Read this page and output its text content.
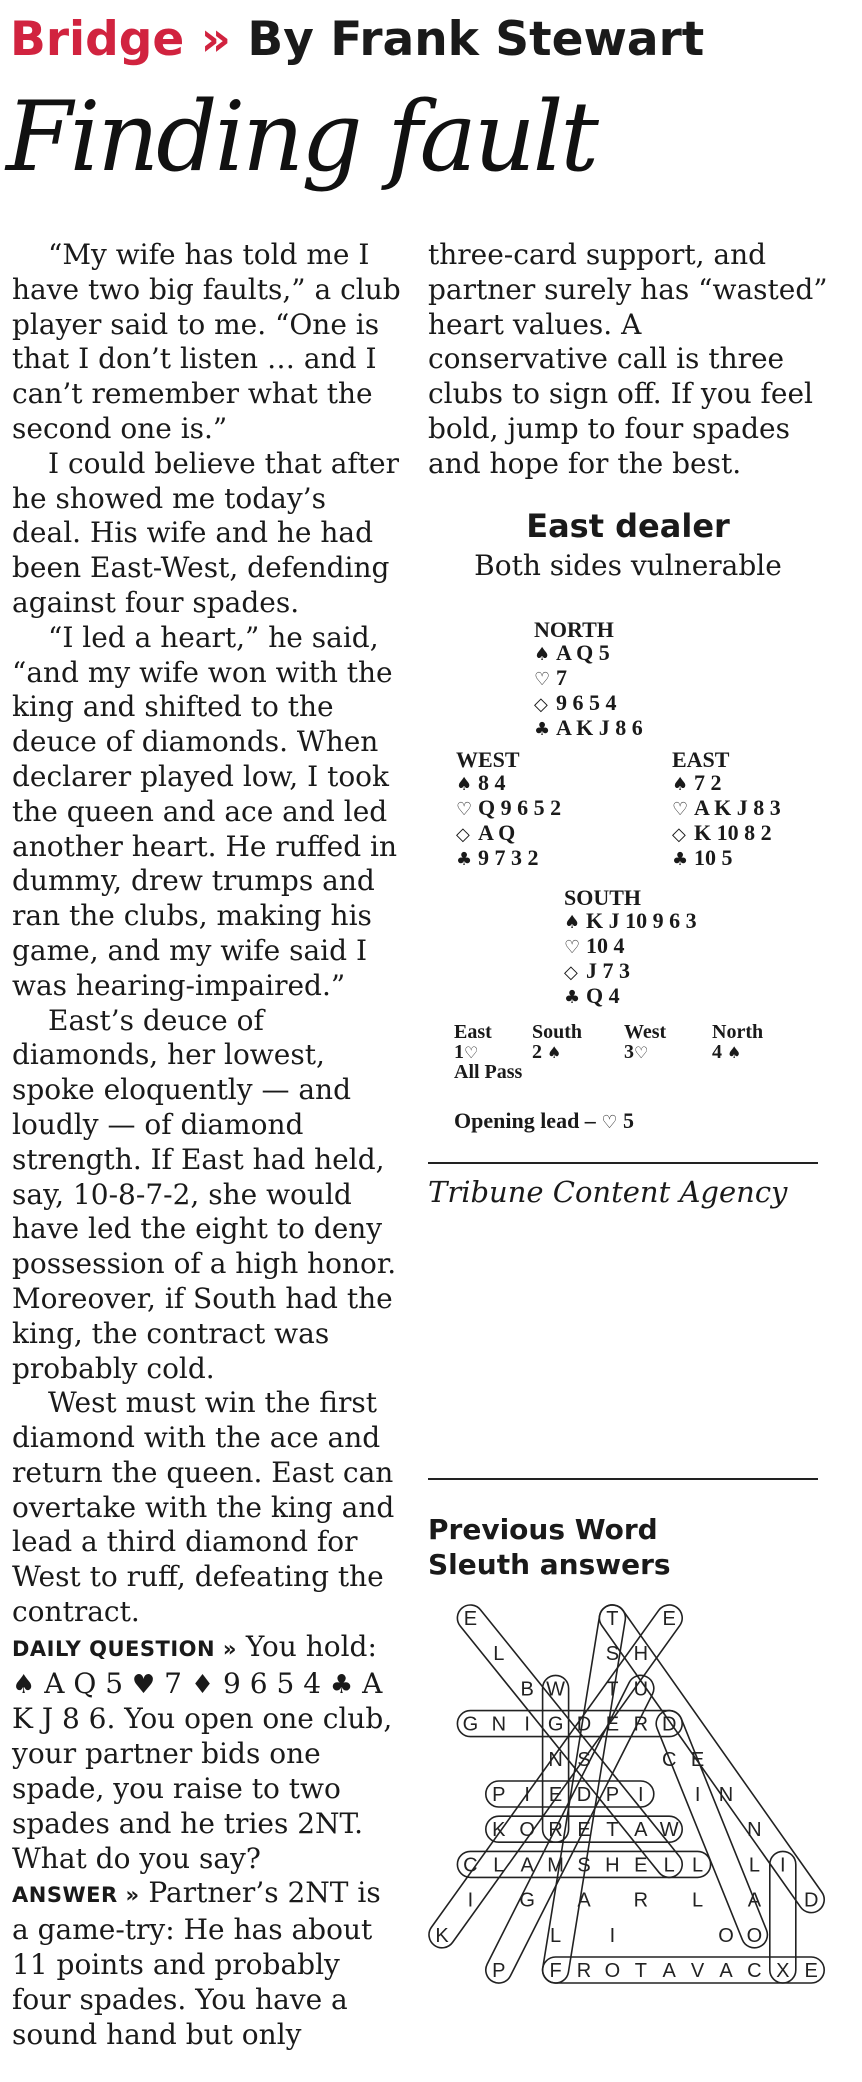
Bridge » By Frank Stewart
Finding fault

“My wife has told me I have two big faults,” a club player said to me. “One is that I don’t listen … and I can’t remember what the second one is.”

I could believe that after he showed me today’s deal. His wife and he had been East-West, defending against four spades.

“I led a heart,” he said, “and my wife won with the king and shifted to the deuce of diamonds. When declarer played low, I took the queen and ace and led another heart. He ruffed in dummy, drew trumps and ran the clubs, making his game, and my wife said I was hearing-impaired.”

East’s deuce of diamonds, her lowest, spoke eloquently — and loudly — of diamond strength. If East had held, say, 10-8-7-2, she would have led the eight to deny possession of a high honor. Moreover, if South had the king, the contract was probably cold.

West must win the first diamond with the ace and return the queen. East can overtake with the king and lead a third diamond for West to ruff, defeating the contract.

DAILY QUESTION » You hold: ♠ A Q 5 ♥ 7 ♦ 9 6 5 4 ♣ A K J 8 6. You open one club, your partner bids one spade, you raise to two spades and he tries 2NT. What do you say?

ANSWER » Partner’s 2NT is a game-try: He has about 11 points and probably four spades. You have a sound hand but only

three-card support, and partner surely has “wasted” heart values. A conservative call is three clubs to sign off. If you feel bold, jump to four spades and hope for the best.

East dealer
Both sides vulnerable
NORTH
♠ A Q 5
♡ 7
◇ 9 6 5 4
♣ A K J 8 6
WEST
♠ 8 4
♡ Q 9 6 5 2
◇ A Q
♣ 9 7 3 2
EAST
♠ 7 2
♡ A K J 8 3
◇ K 10 8 2
♣ 10 5
SOUTH
♠ K J 10 9 6 3
♡ 10 4
◇ J 7 3
♣ Q 4
East South West North
1♡	2 ♠	3♡	4 ♠
All Pass
Opening lead – ♡ 5
Tribune Content Agency
Previous Word
Sleuth answers
E	T E
L	S H
B W T U
G N I G D E R D
N S	C E
P I E D P I	I N
K O R E T A W	N
C L A M S H E L L L I
I G A R L A D
K	L I	O O
P F R O T A V A C X E
